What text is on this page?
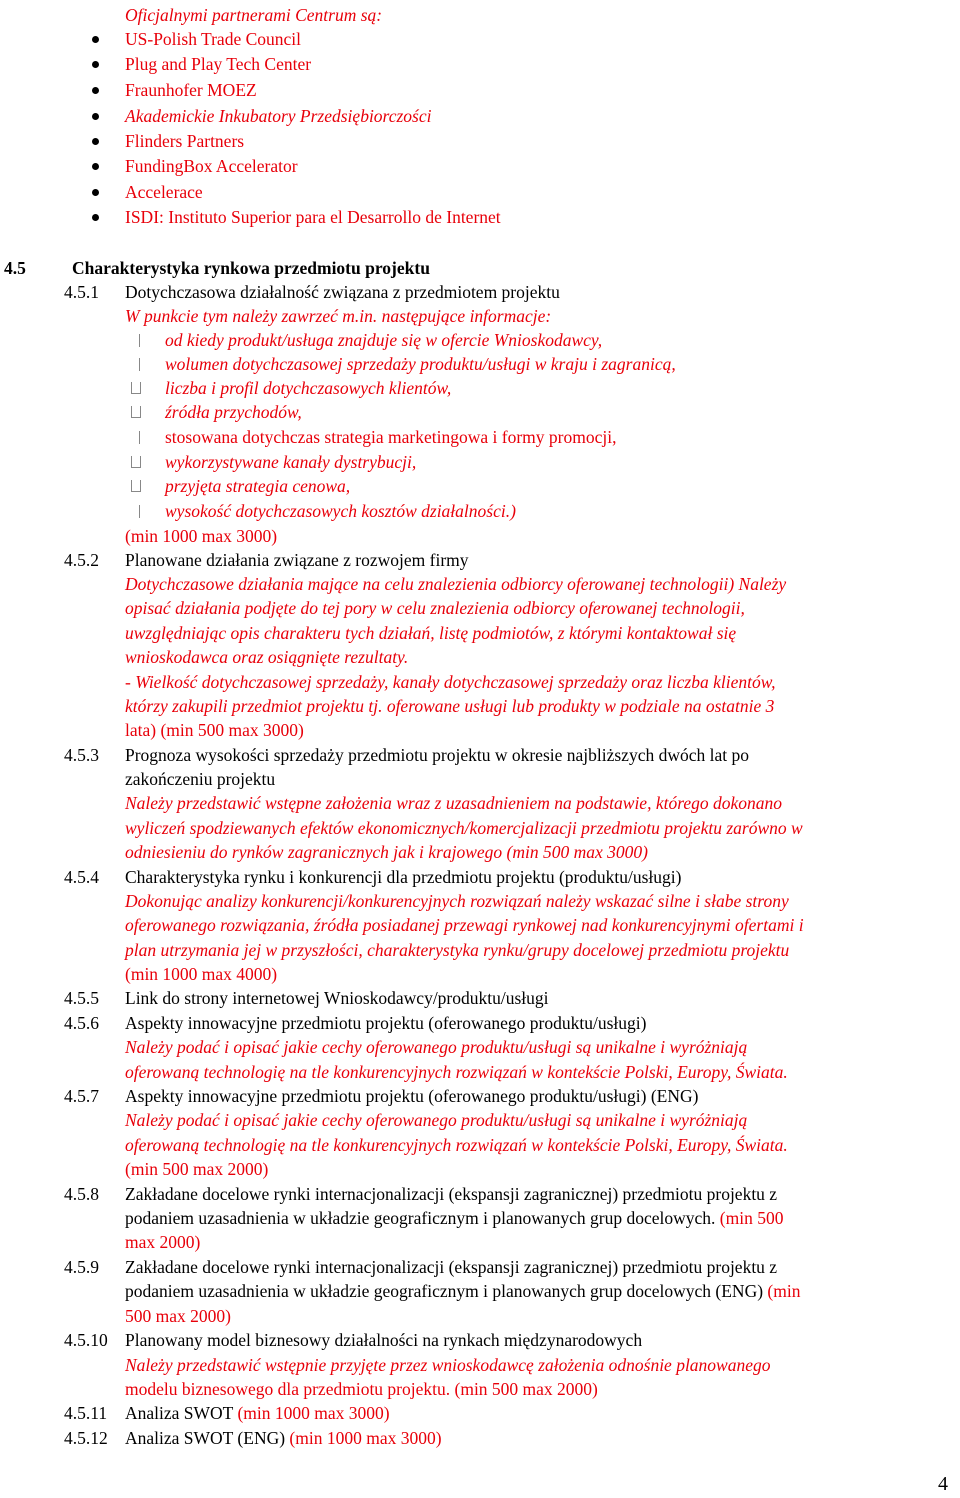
Oficjalnymi partnerami Centrum są:
US-Polish Trade Council
Plug and Play Tech Center
Fraunhofer MOEZ
Akademickie Inkubatory Przedsiębiorczości
Flinders Partners
FundingBox Accelerator
Accelerace
ISDI: Instituto Superior para el Desarrollo de Internet
4.5	Charakterystyka rynkowa przedmiotu projektu
4.5.1 Dotychczasowa działalność związana z przedmiotem projektu
W punkcie tym należy zawrzeć m.in. następujące informacje:
od kiedy produkt/usługa znajduje się w ofercie Wnioskodawcy,
wolumen dotychczasowej sprzedaży produktu/usługi w kraju i zagranicą,
liczba i profil dotychczasowych klientów,
źródła przychodów,
stosowana dotychczas strategia marketingowa i formy promocji,
wykorzystywane kanały dystrybucji,
przyjęta strategia cenowa,
wysokość dotychczasowych kosztów działalności.)
(min 1000 max 3000)
4.5.2 Planowane działania związane z rozwojem firmy
Dotychczasowe działania mające na celu znalezienia odbiorcy oferowanej technologii) Należy
opisać działania podjęte do tej pory w celu znalezienia odbiorcy oferowanej technologii,
uwzględniając opis charakteru tych działań, listę podmiotów, z którymi kontaktował się
wnioskodawca oraz osiągnięte rezultaty.
- Wielkość dotychczasowej sprzedaży, kanały dotychczasowej sprzedaży oraz liczba klientów,
którzy zakupili przedmiot projektu tj. oferowane usługi lub produkty w podziale na ostatnie 3
lata) (min 500 max 3000)
4.5.3 Prognoza wysokości sprzedaży przedmiotu projektu w okresie najbliższych dwóch lat po
zakończeniu projektu
Należy przedstawić wstępne założenia wraz z uzasadnieniem na podstawie, którego dokonano
wyliczeń spodziewanych efektów ekonomicznych/komercjalizacji przedmiotu projektu zarówno w
odniesieniu do rynków zagranicznych jak i krajowego (min 500 max 3000)
4.5.4 Charakterystyka rynku i konkurencji dla przedmiotu projektu (produktu/usługi)
Dokonując analizy konkurencji/konkurencyjnych rozwiązań należy wskazać silne i słabe strony
oferowanego rozwiązania, źródła posiadanej przewagi rynkowej nad konkurencyjnymi ofertami i
plan utrzymania jej w przyszłości, charakterystyka rynku/grupy docelowej przedmiotu projektu
(min 1000 max 4000)
4.5.5 Link do strony internetowej Wnioskodawcy/produktu/usługi
4.5.6 Aspekty innowacyjne przedmiotu projektu (oferowanego produktu/usługi)
Należy podać i opisać jakie cechy oferowanego produktu/usługi są unikalne i wyróżniają
oferowaną technologię na tle konkurencyjnych rozwiązań w kontekście Polski, Europy, Świata.
4.5.7 Aspekty innowacyjne przedmiotu projektu (oferowanego produktu/usługi) (ENG)
Należy podać i opisać jakie cechy oferowanego produktu/usługi są unikalne i wyróżniają
oferowaną technologię na tle konkurencyjnych rozwiązań w kontekście Polski, Europy, Świata.
(min 500 max 2000)
4.5.8 Zakładane docelowe rynki internacjonalizacji (ekspansji zagranicznej) przedmiotu projektu z
podaniem uzasadnienia w układzie geograficznym i planowanych grup docelowych. (min 500
max 2000)
4.5.9 Zakładane docelowe rynki internacjonalizacji (ekspansji zagranicznej) przedmiotu projektu z
podaniem uzasadnienia w układzie geograficznym i planowanych grup docelowych (ENG) (min
500 max 2000)
4.5.10 Planowany model biznesowy działalności na rynkach międzynarodowych
Należy przedstawić wstępnie przyjęte przez wnioskodawcę założenia odnośnie planowanego
modelu biznesowego dla przedmiotu projektu. (min 500 max 2000)
4.5.11 Analiza SWOT (min 1000 max 3000)
4.5.12 Analiza SWOT (ENG) (min 1000 max 3000)
4
